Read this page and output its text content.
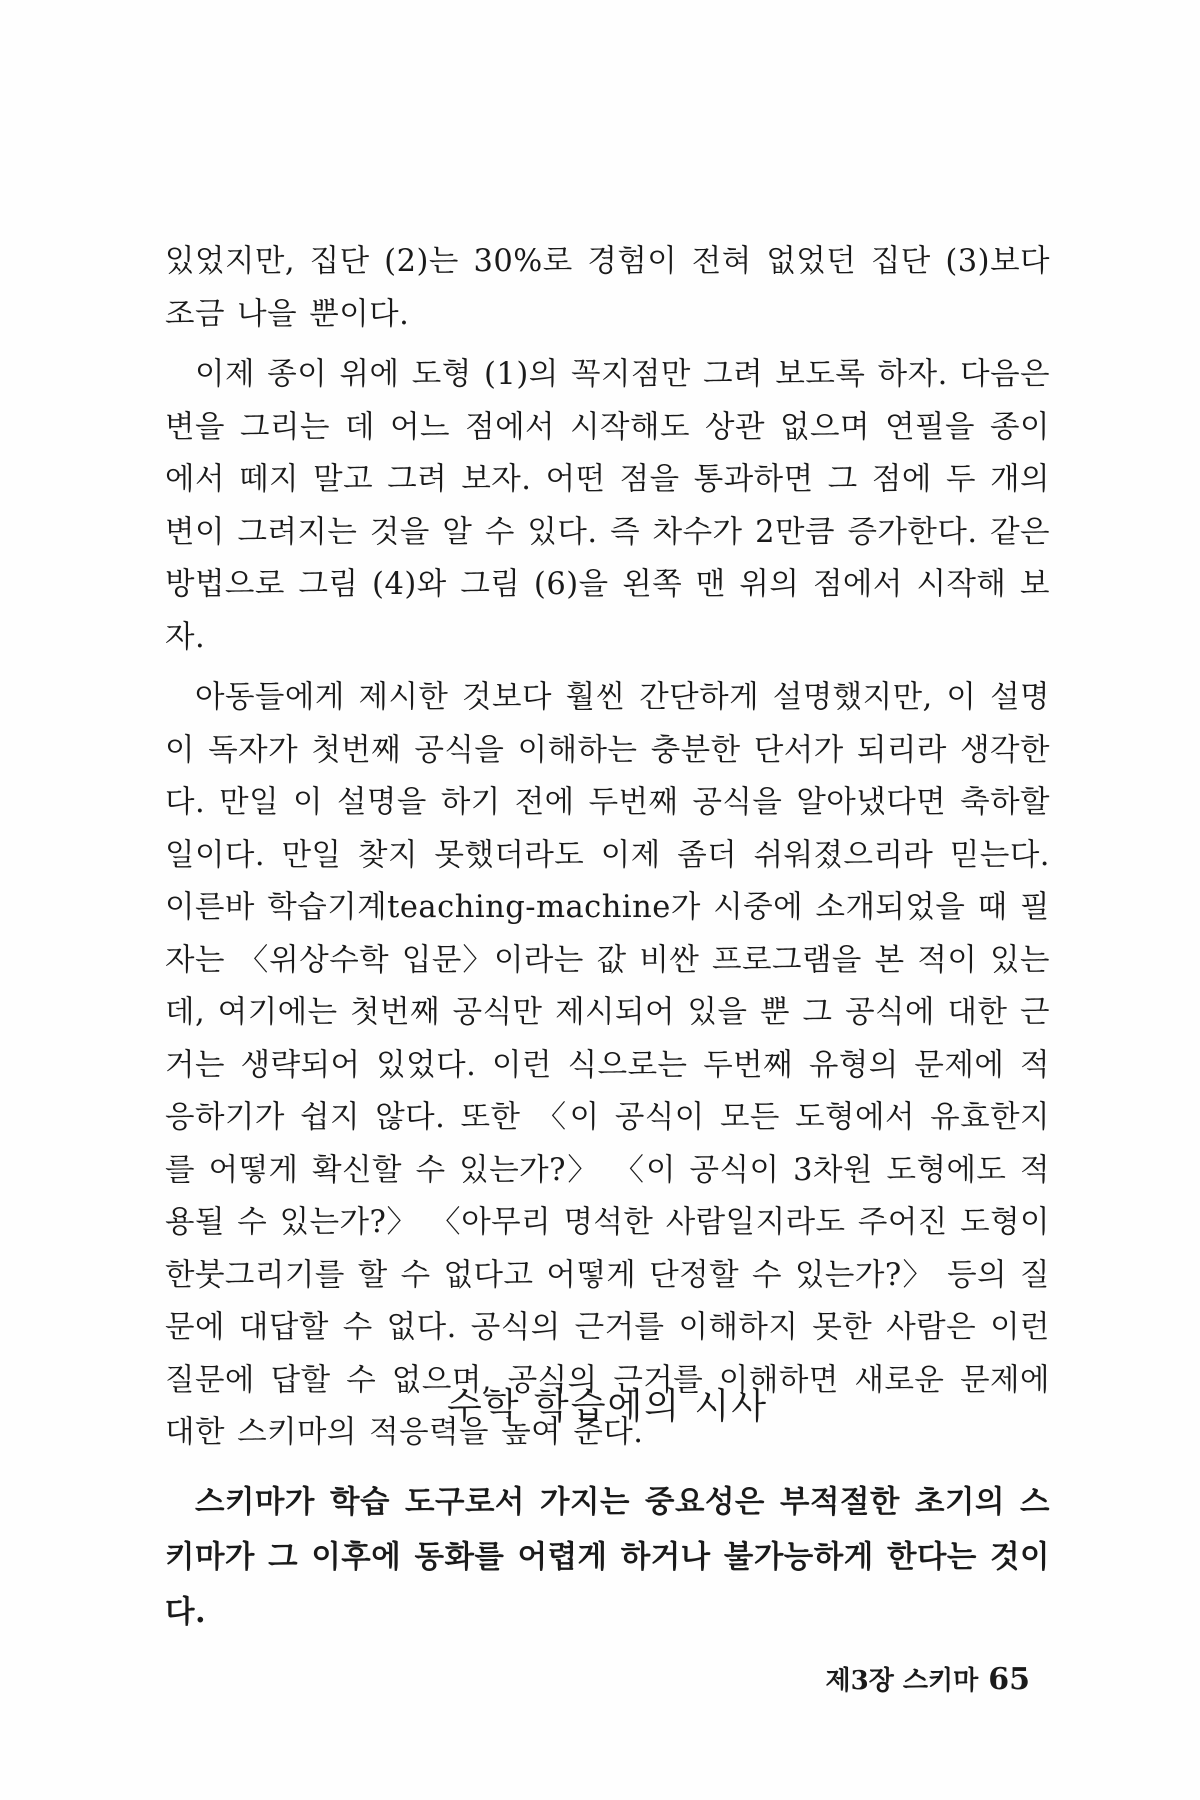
있었지만, 집단 (2)는 30%로 경험이 전혀 없었던 집단 (3)보다 조금 나을 뿐이다.

이제 종이 위에 도형 (1)의 꼭지점만 그려 보도록 하자. 다음은 변을 그리는 데 어느 점에서 시작해도 상관 없으며 연필을 종이에서 떼지 말고 그려 보자. 어떤 점을 통과하면 그 점에 두 개의 변이 그려지는 것을 알 수 있다. 즉 차수가 2만큼 증가한다. 같은 방법으로 그림 (4)와 그림 (6)을 왼쪽 맨 위의 점에서 시작해 보자.

아동들에게 제시한 것보다 훨씬 간단하게 설명했지만, 이 설명이 독자가 첫번째 공식을 이해하는 충분한 단서가 되리라 생각한다. 만일 이 설명을 하기 전에 두번째 공식을 알아냈다면 축하할 일이다. 만일 찾지 못했더라도 이제 좀더 쉬워졌으리라 믿는다. 이른바 학습기계teaching-machine가 시중에 소개되었을 때 필자는 〈위상수학 입문〉이라는 값 비싼 프로그램을 본 적이 있는데, 여기에는 첫번째 공식만 제시되어 있을 뿐 그 공식에 대한 근거는 생략되어 있었다. 이런 식으로는 두번째 유형의 문제에 적응하기가 쉽지 않다. 또한 〈이 공식이 모든 도형에서 유효한지를 어떻게 확신할 수 있는가?〉 〈이 공식이 3차원 도형에도 적용될 수 있는가?〉 〈아무리 명석한 사람일지라도 주어진 도형이 한붓그리기를 할 수 없다고 어떻게 단정할 수 있는가?〉 등의 질문에 대답할 수 없다. 공식의 근거를 이해하지 못한 사람은 이런 질문에 답할 수 없으며, 공식의 근거를 이해하면 새로운 문제에 대한 스키마의 적응력을 높여 준다.

수학 학습에의 시사

스키마가 학습 도구로서 가지는 중요성은 부적절한 초기의 스키마가 그 이후에 동화를 어렵게 하거나 불가능하게 한다는 것이다.

제3장 스키마 65
